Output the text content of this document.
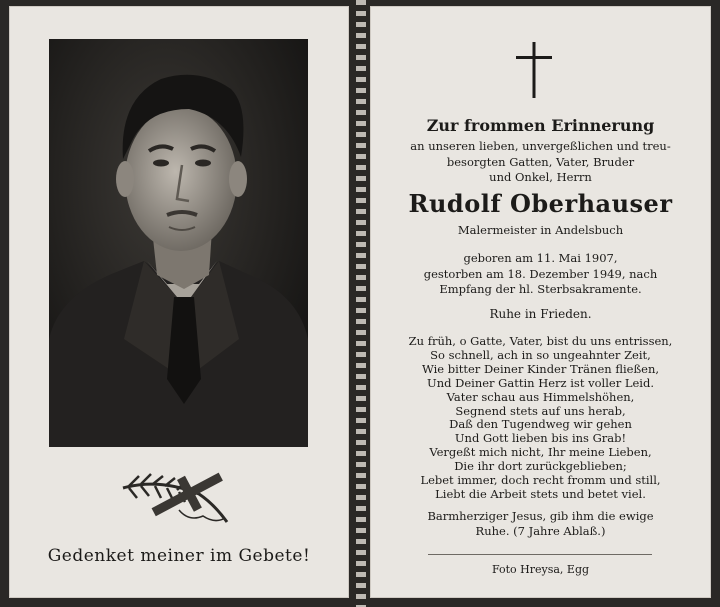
Gedenket meiner im Gebete!
Zur frommen Erinnerung
an unseren lieben, unvergeßlichen und treu-
besorgten Gatten, Vater, Bruder
und Onkel, Herrn
Rudolf Oberhauser
Malermeister in Andelsbuch
geboren am 11. Mai 1907,
gestorben am 18. Dezember 1949, nach
Empfang der hl. Sterbsakramente.
Ruhe in Frieden.
Zu früh, o Gatte, Vater, bist du uns entrissen,
So schnell, ach in so ungeahnter Zeit,
Wie bitter Deiner Kinder Tränen fließen,
Und Deiner Gattin Herz ist voller Leid.
Vater schau aus Himmelshöhen,
Segnend stets auf uns herab,
Daß den Tugendweg wir gehen
Und Gott lieben bis ins Grab!
Vergeßt mich nicht, Ihr meine Lieben,
Die ihr dort zurückgeblieben;
Lebet immer, doch recht fromm und still,
Liebt die Arbeit stets und betet viel.
Barmherziger Jesus, gib ihm die ewige
Ruhe. (7 Jahre Ablaß.)
Foto Hreysa, Egg
